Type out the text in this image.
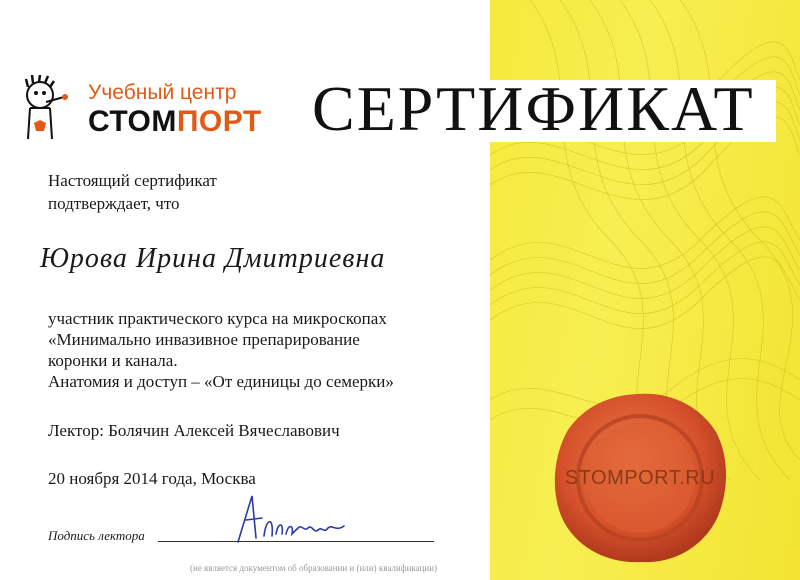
Учебный центр
СТОМПОРТ СЕРТИФИКАТ
Настоящий сертификат
подтверждает, что
Юрова Ирина Дмитриевна
участник практического курса на микроскопах
«Минимально инвазивное препарирование
коронки и канала.
Анатомия и доступ – «От единицы до семерки»
Лектор: Болячин Алексей Вячеславович
20 ноября 2014 года, Москва
Подпись лектора
(не является документом об образовании и (или) квалификации)
STOMPORT.RU
